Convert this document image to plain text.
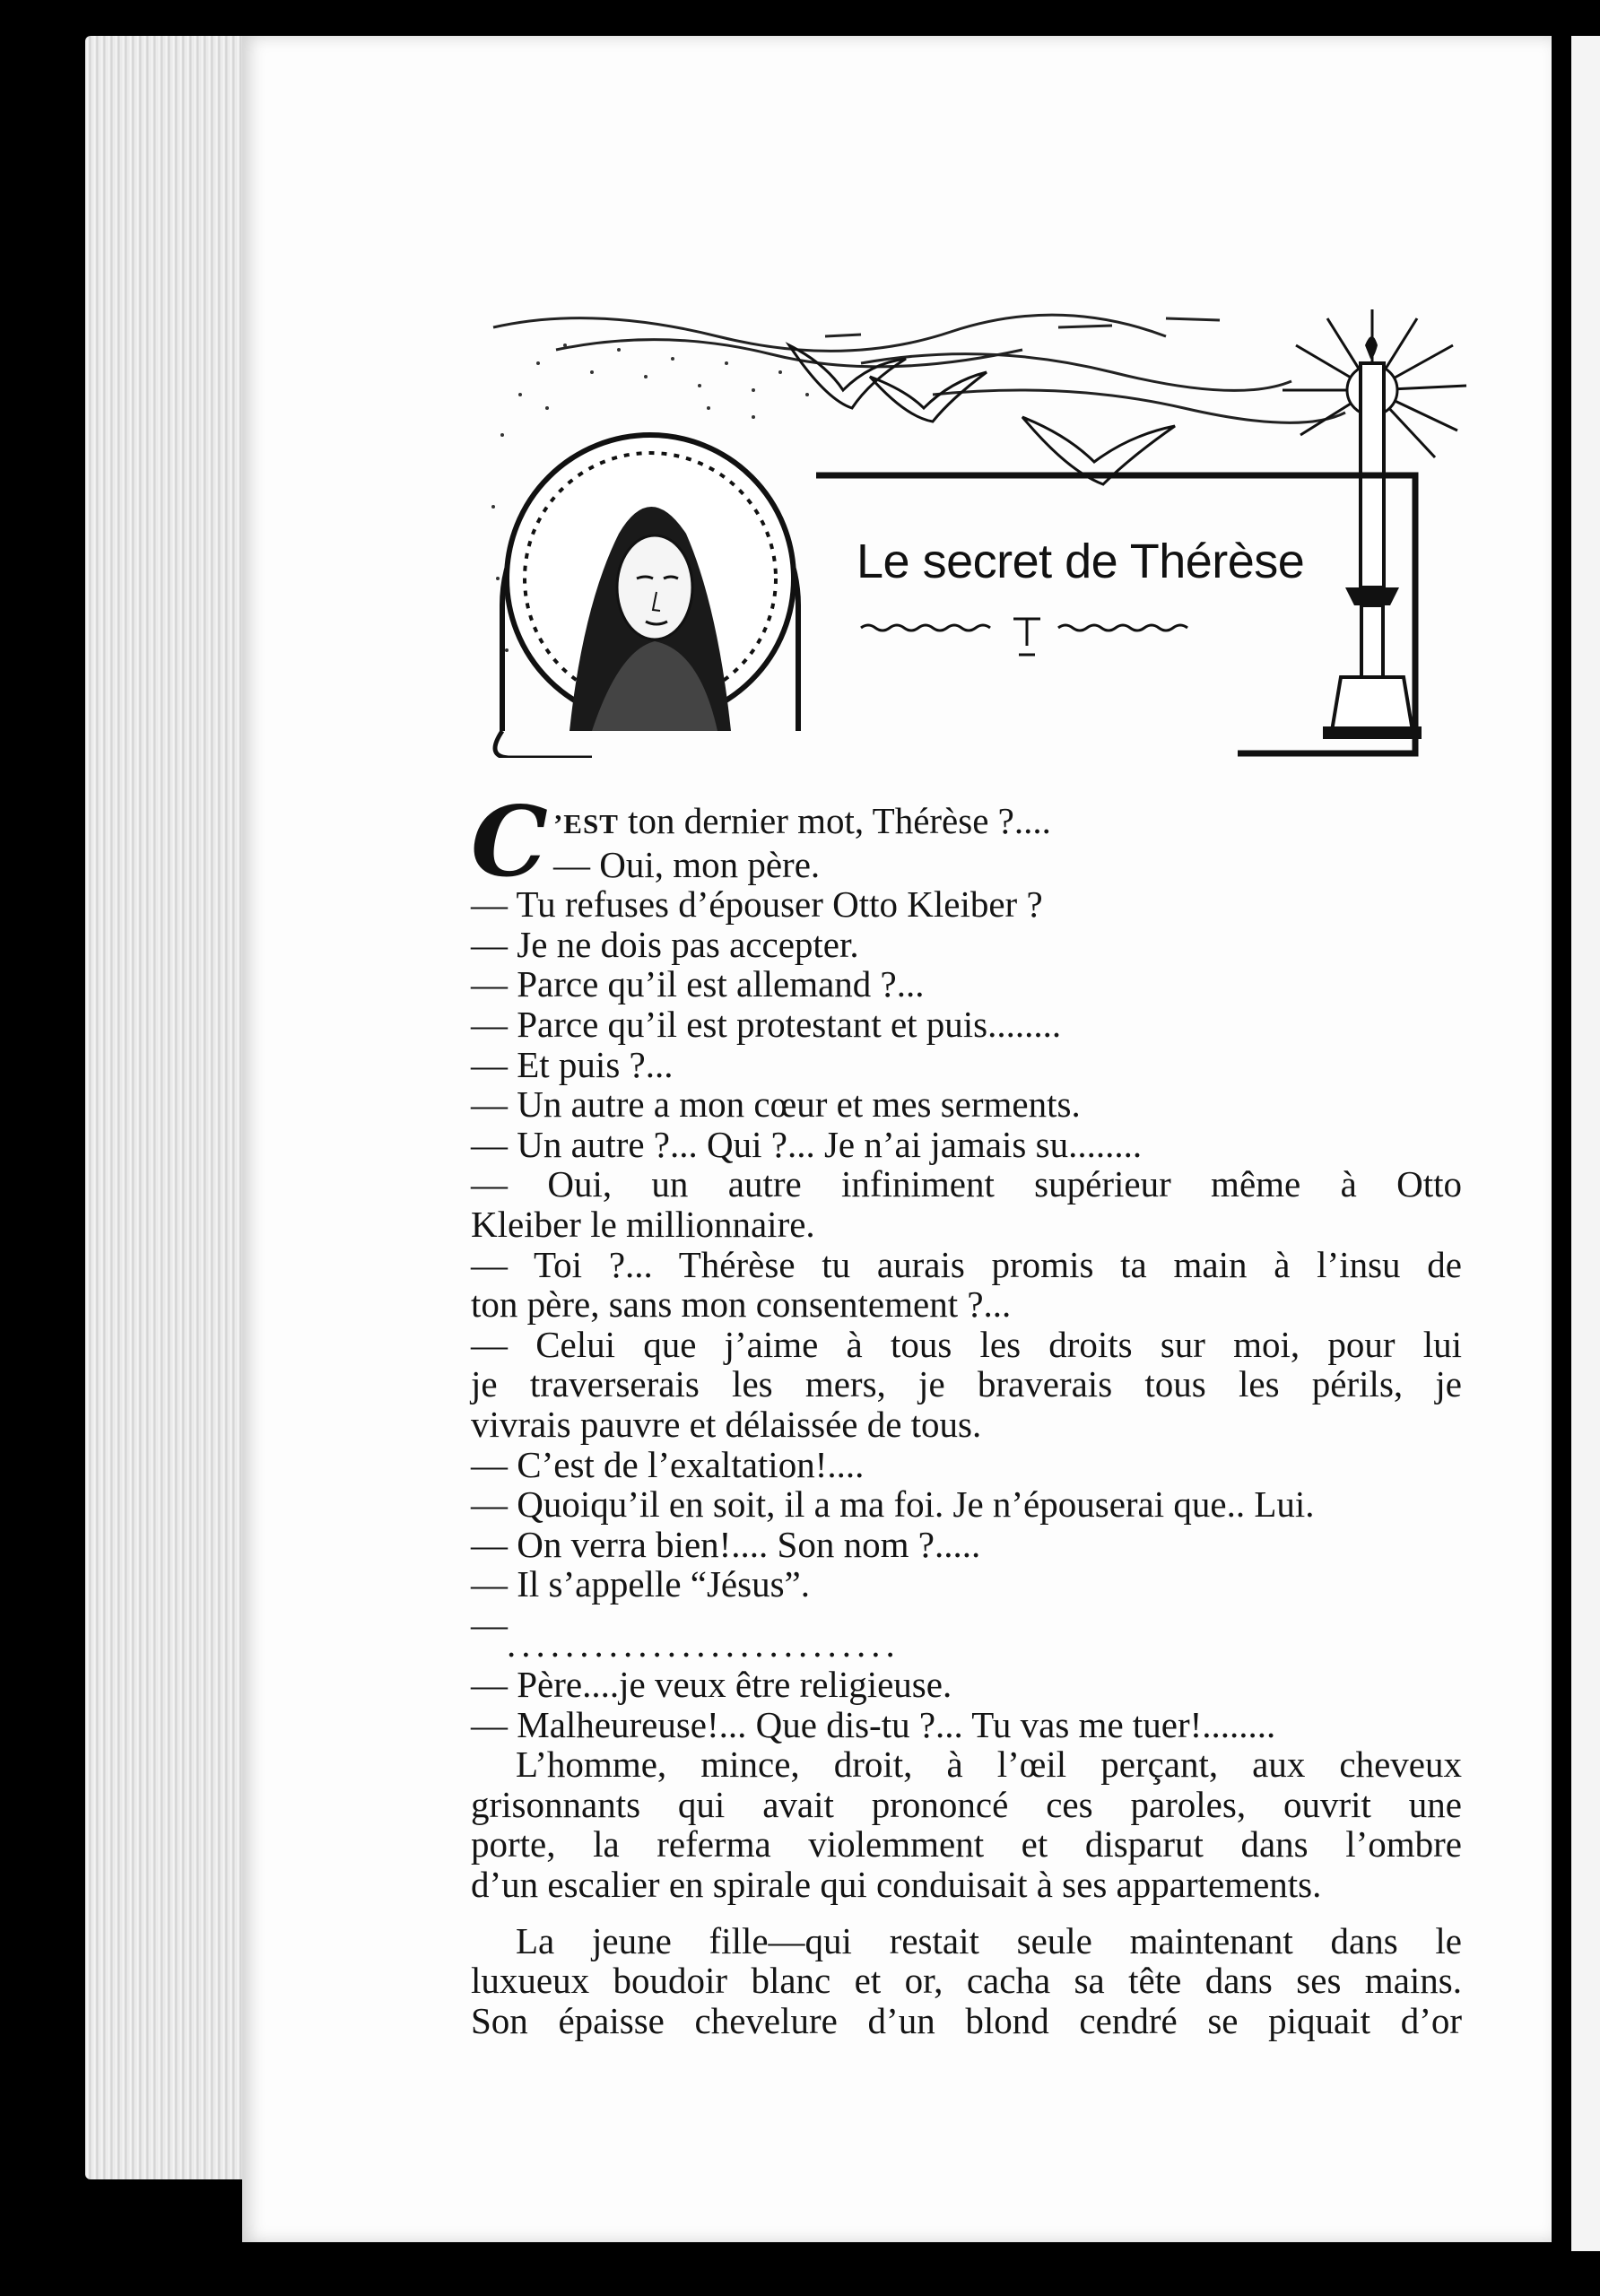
Le secret de Thérèse

C ’EST ton dernier mot, Thérèse ?....

— Oui, mon père.

— Tu refuses d’épouser Otto Kleiber ?

— Je ne dois pas accepter.

— Parce qu’il est allemand ?...

— Parce qu’il est protestant et puis........

— Et puis ?...

— Un autre a mon cœur et mes serments.

— Un autre ?... Qui ?... Je n’ai jamais su........

— Oui, un autre infiniment supérieur même à Otto

Kleiber le millionnaire.

— Toi ?... Thérèse tu aurais promis ta main à l’insu de

ton père, sans mon consentement ?...

— Celui que j’aime à tous les droits sur moi, pour lui

je traverserais les mers, je braverais tous les périls, je

vivrais pauvre et délaissée de tous.

— C’est de l’exaltation!....

— Quoiqu’il en soit, il a ma foi. Je n’épouserai que.. Lui.

— On verra bien!.... Son nom ?.....

— Il s’appelle “Jésus”.

— ...........................

— Père....je veux être religieuse.

— Malheureuse!... Que dis-tu ?... Tu vas me tuer!........

L’homme, mince, droit, à l’œil perçant, aux cheveux

grisonnants qui avait prononcé ces paroles, ouvrit une

porte, la referma violemment et disparut dans l’ombre

d’un escalier en spirale qui conduisait à ses appartements.

La jeune fille—qui restait seule maintenant dans le

luxueux boudoir blanc et or, cacha sa tête dans ses mains.

Son épaisse chevelure d’un blond cendré se piquait d’or
